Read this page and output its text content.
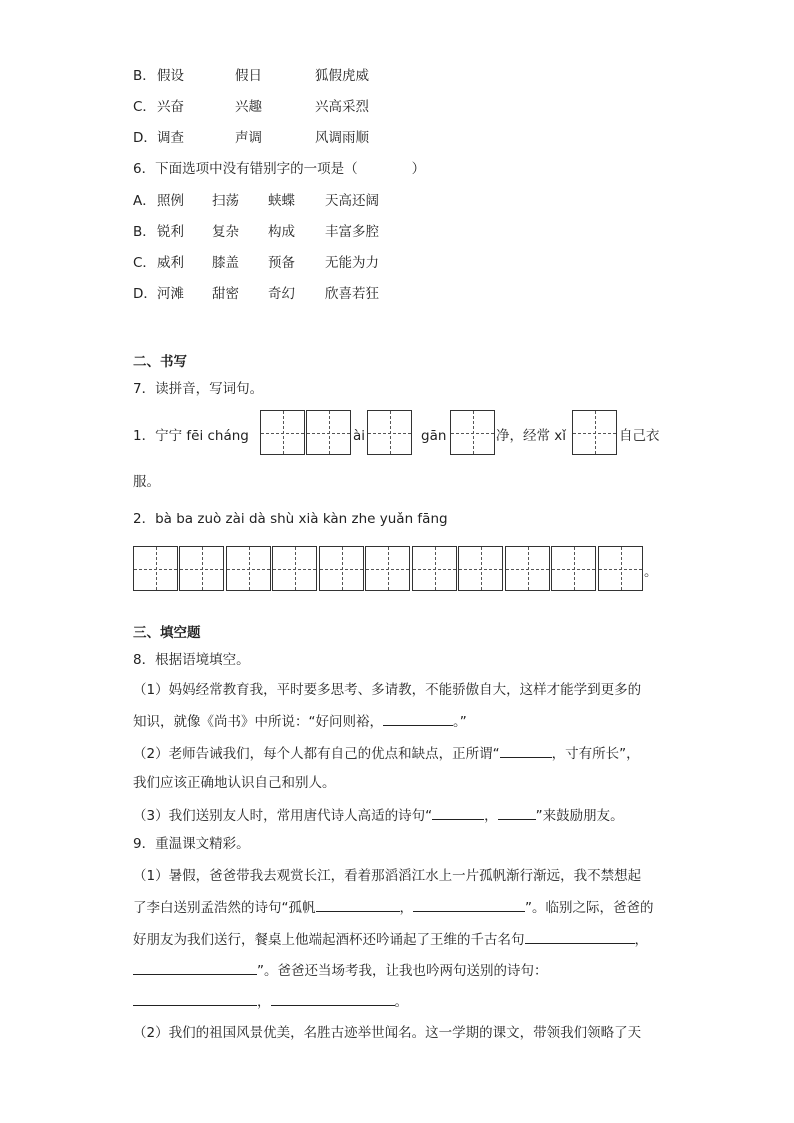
B．假设	假日	狐假虎威
C．兴奋	兴趣	兴高采烈
D．调查	声调	风调雨顺
6．下面选项中没有错别字的一项是（　　　　）
A．照例 扫荡 蛱蝶 天高还阔
B．锐利 复杂 构成 丰富多腔
C．威利 膝盖 预备 无能为力
D．河滩 甜密 奇幻 欣喜若狂
二、书写
7．读拼音，写词句。
1．宁宁 fēi cháng	ài	gān	净，经常 xǐ	自己衣
服。
2．bà ba zuò zài dà shù xià kàn zhe yuǎn fāng
。
三、填空题
8．根据语境填空。
（1）妈妈经常教育我，平时要多思考、多请教，不能骄傲自大，这样才能学到更多的
知识，就像《尚书》中所说：“好问则裕，	。”
（2）老师告诫我们，每个人都有自己的优点和缺点，正所谓“	，寸有所长”，
我们应该正确地认识自己和别人。
（3）我们送别友人时，常用唐代诗人高适的诗句“	，	”来鼓励朋友。
9．重温课文精彩。
（1）暑假，爸爸带我去观赏长江，看着那滔滔江水上一片孤帆渐行渐远，我不禁想起
了李白送别孟浩然的诗句“孤帆	，	”。临别之际，爸爸的
好朋友为我们送行，餐桌上他端起酒杯还吟诵起了王维的千古名句	，
”。爸爸还当场考我，让我也吟两句送别的诗句：
，	。
（2）我们的祖国风景优美，名胜古迹举世闻名。这一学期的课文，带领我们领略了天
